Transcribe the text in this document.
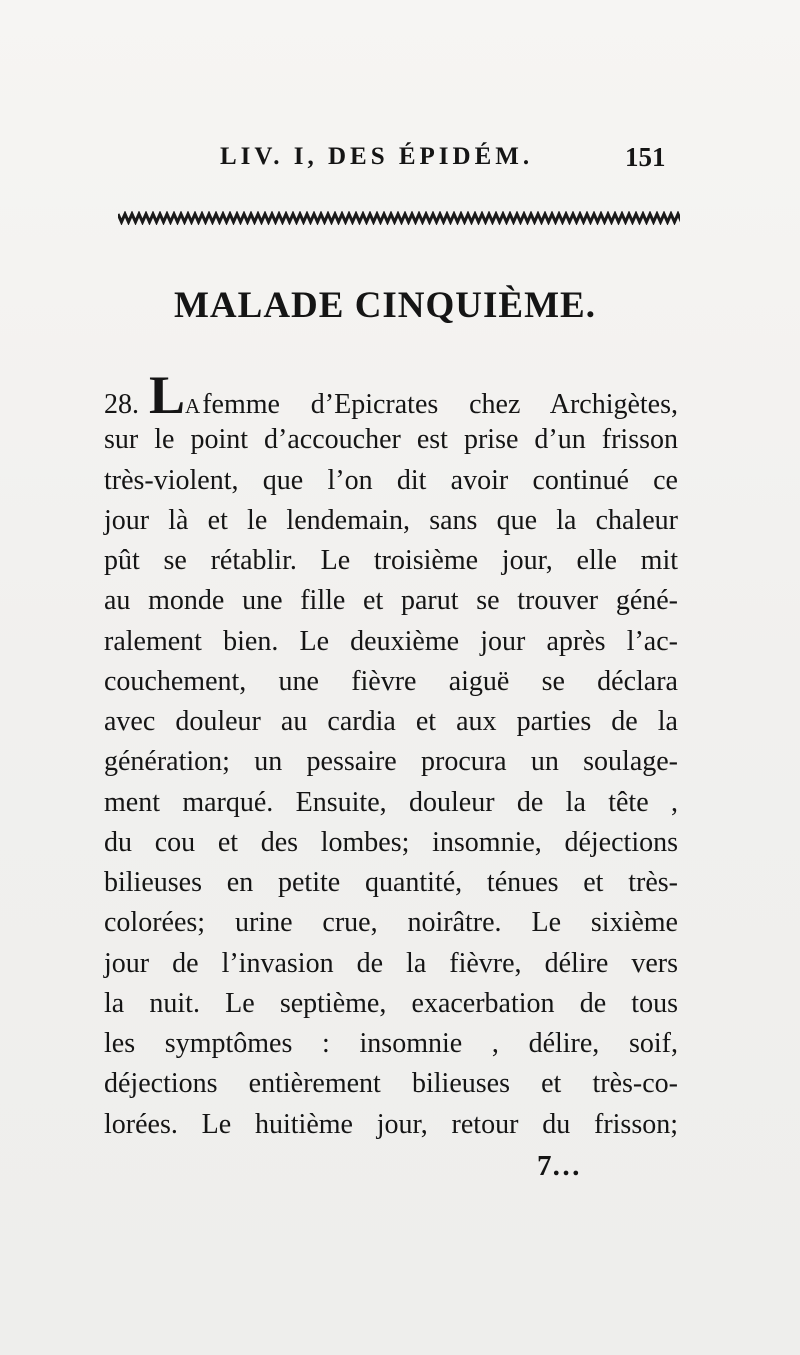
LIV. I, DES ÉPIDÉM.	151
MALADE CINQUIÈME.
28. L A femme d’Epicrates chez Archigètes,
sur le point d’accoucher est prise d’un frisson
très-violent, que l’on dit avoir continué ce
jour là et le lendemain, sans que la chaleur
pût se rétablir. Le troisième jour, elle mit
au monde une fille et parut se trouver géné-
ralement bien. Le deuxième jour après l’ac-
couchement, une fièvre aiguë se déclara
avec douleur au cardia et aux parties de la
génération; un pessaire procura un soulage-
ment marqué. Ensuite, douleur de la tête ,
du cou et des lombes; insomnie, déjections
bilieuses en petite quantité, ténues et très-
colorées; urine crue, noirâtre. Le sixième
jour de l’invasion de la fièvre, délire vers
la nuit. Le septième, exacerbation de tous
les symptômes : insomnie , délire, soif,
déjections entièrement bilieuses et très-co-
lorées. Le huitième jour, retour du frisson;
7…
